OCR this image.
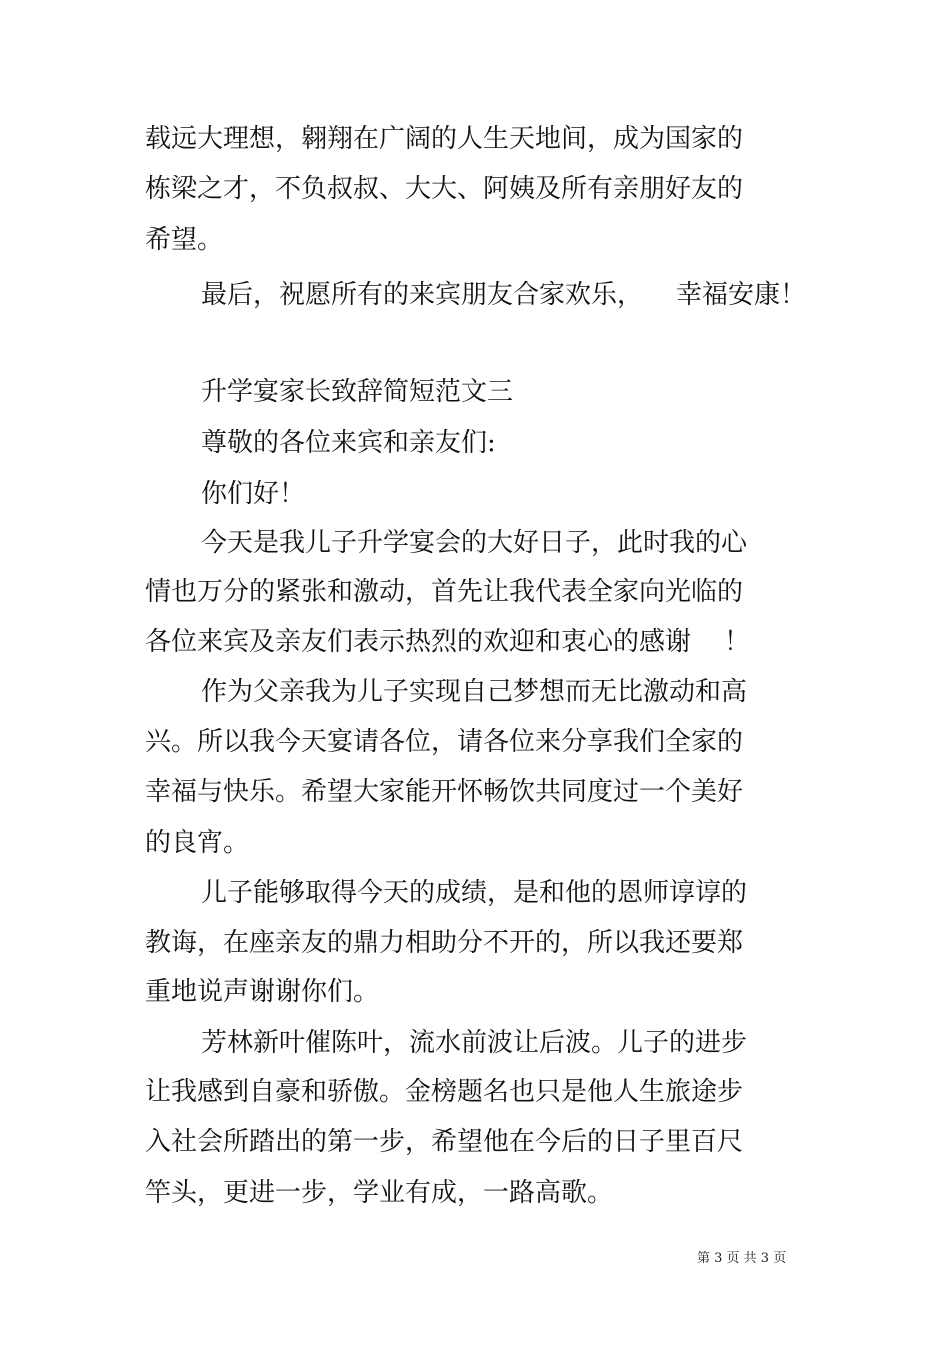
载远大理想，翱翔在广阔的人生天地间，成为国家的
栋梁之才，不负叔叔、大大、阿姨及所有亲朋好友的
希望。
最后，祝愿所有的来宾朋友合家欢乐，    幸福安康！
升学宴家长致辞简短范文三
尊敬的各位来宾和亲友们:
你们好！
今天是我儿子升学宴会的大好日子，此时我的心
情也万分的紧张和激动，首先让我代表全家向光临的
各位来宾及亲友们表示热烈的欢迎和衷心的感谢    ！
作为父亲我为儿子实现自己梦想而无比激动和高
兴。所以我今天宴请各位，请各位来分享我们全家的
幸福与快乐。希望大家能开怀畅饮共同度过一个美好
的良宵。
儿子能够取得今天的成绩，是和他的恩师谆谆的
教诲，在座亲友的鼎力相助分不开的，所以我还要郑
重地说声谢谢你们。
芳林新叶催陈叶，流水前波让后波。儿子的进步
让我感到自豪和骄傲。金榜题名也只是他人生旅途步
入社会所踏出的第一步，希望他在今后的日子里百尺
竿头，更进一步，学业有成，一路高歌。
第 3 页 共 3 页
